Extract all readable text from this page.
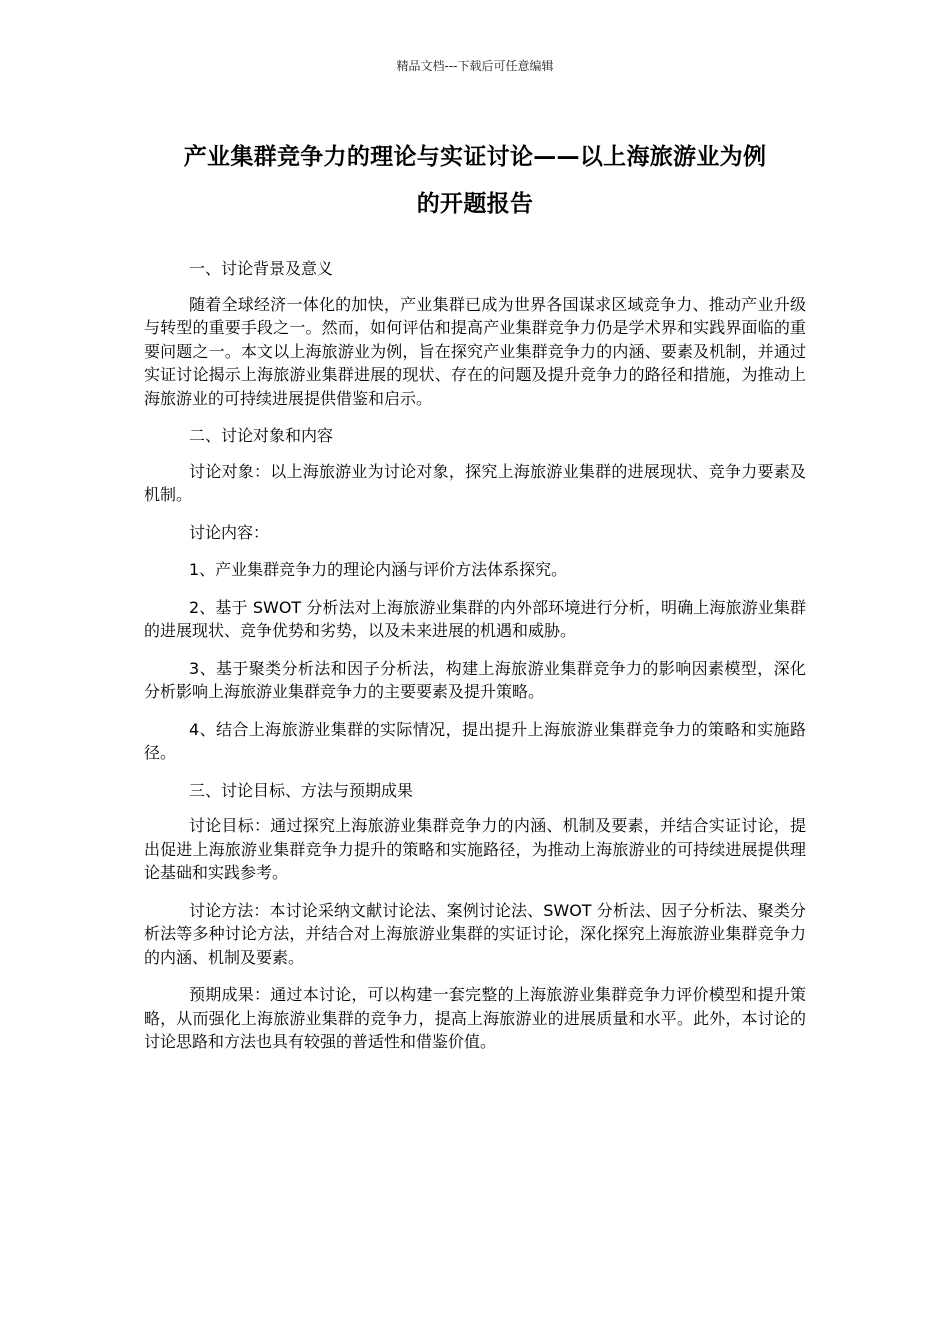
精品文档---下载后可任意编辑
产业集群竞争力的理论与实证讨论——以上海旅游业为例
的开题报告

一、讨论背景及意义

随着全球经济一体化的加快，产业集群已成为世界各国谋求区域竞争力、推动产业升级与转型的重要手段之一。然而，如何评估和提高产业集群竞争力仍是学术界和实践界面临的重要问题之一。本文以上海旅游业为例，旨在探究产业集群竞争力的内涵、要素及机制，并通过实证讨论揭示上海旅游业集群进展的现状、存在的问题及提升竞争力的路径和措施，为推动上海旅游业的可持续进展提供借鉴和启示。

二、讨论对象和内容

讨论对象：以上海旅游业为讨论对象，探究上海旅游业集群的进展现状、竞争力要素及机制。

讨论内容：

1、产业集群竞争力的理论内涵与评价方法体系探究。

2、基于 SWOT 分析法对上海旅游业集群的内外部环境进行分析，明确上海旅游业集群的进展现状、竞争优势和劣势，以及未来进展的机遇和威胁。

3、基于聚类分析法和因子分析法，构建上海旅游业集群竞争力的影响因素模型，深化分析影响上海旅游业集群竞争力的主要要素及提升策略。

4、结合上海旅游业集群的实际情况，提出提升上海旅游业集群竞争力的策略和实施路径。

三、讨论目标、方法与预期成果

讨论目标：通过探究上海旅游业集群竞争力的内涵、机制及要素，并结合实证讨论，提出促进上海旅游业集群竞争力提升的策略和实施路径，为推动上海旅游业的可持续进展提供理论基础和实践参考。

讨论方法：本讨论采纳文献讨论法、案例讨论法、SWOT 分析法、因子分析法、聚类分析法等多种讨论方法，并结合对上海旅游业集群的实证讨论，深化探究上海旅游业集群竞争力的内涵、机制及要素。

预期成果：通过本讨论，可以构建一套完整的上海旅游业集群竞争力评价模型和提升策略，从而强化上海旅游业集群的竞争力，提高上海旅游业的进展质量和水平。此外，本讨论的讨论思路和方法也具有较强的普适性和借鉴价值。
